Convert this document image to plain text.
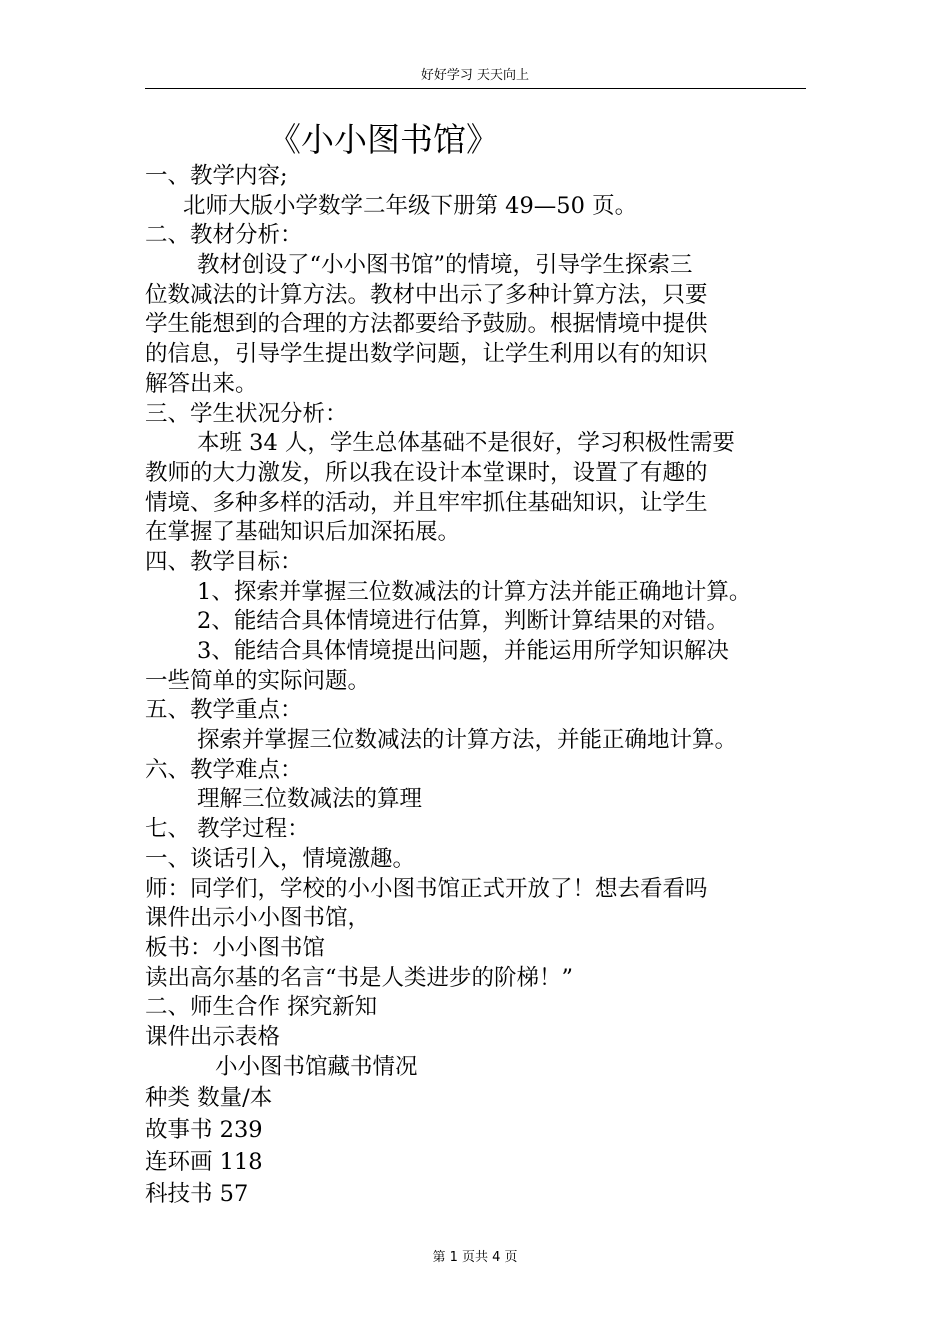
好好学习 天天向上
《小小图书馆》
一、教学内容;
北师大版小学数学二年级下册第 49—50 页。
二、教材分析：
教材创设了“小小图书馆”的情境，引导学生探索三
位数减法的计算方法。教材中出示了多种计算方法，只要
学生能想到的合理的方法都要给予鼓励。根据情境中提供
的信息，引导学生提出数学问题，让学生利用以有的知识
解答出来。
三、学生状况分析：
本班 34 人，学生总体基础不是很好，学习积极性需要
教师的大力激发，所以我在设计本堂课时，设置了有趣的
情境、多种多样的活动，并且牢牢抓住基础知识，让学生
在掌握了基础知识后加深拓展。
四、教学目标：
1、探索并掌握三位数减法的计算方法并能正确地计算。
2、能结合具体情境进行估算，判断计算结果的对错。
3、能结合具体情境提出问题，并能运用所学知识解决
一些简单的实际问题。
五、教学重点：
探索并掌握三位数减法的计算方法，并能正确地计算。
六、教学难点：
理解三位数减法的算理
七、 教学过程：
一、谈话引入，情境激趣。
师：同学们，学校的小小图书馆正式开放了！想去看看吗
课件出示小小图书馆，
板书：小小图书馆
读出高尔基的名言“书是人类进步的阶梯！”
二、师生合作 探究新知
课件出示表格
小小图书馆藏书情况
种类 数量/本
故事书 239
连环画 118
科技书 57
第 1 页共 4 页
